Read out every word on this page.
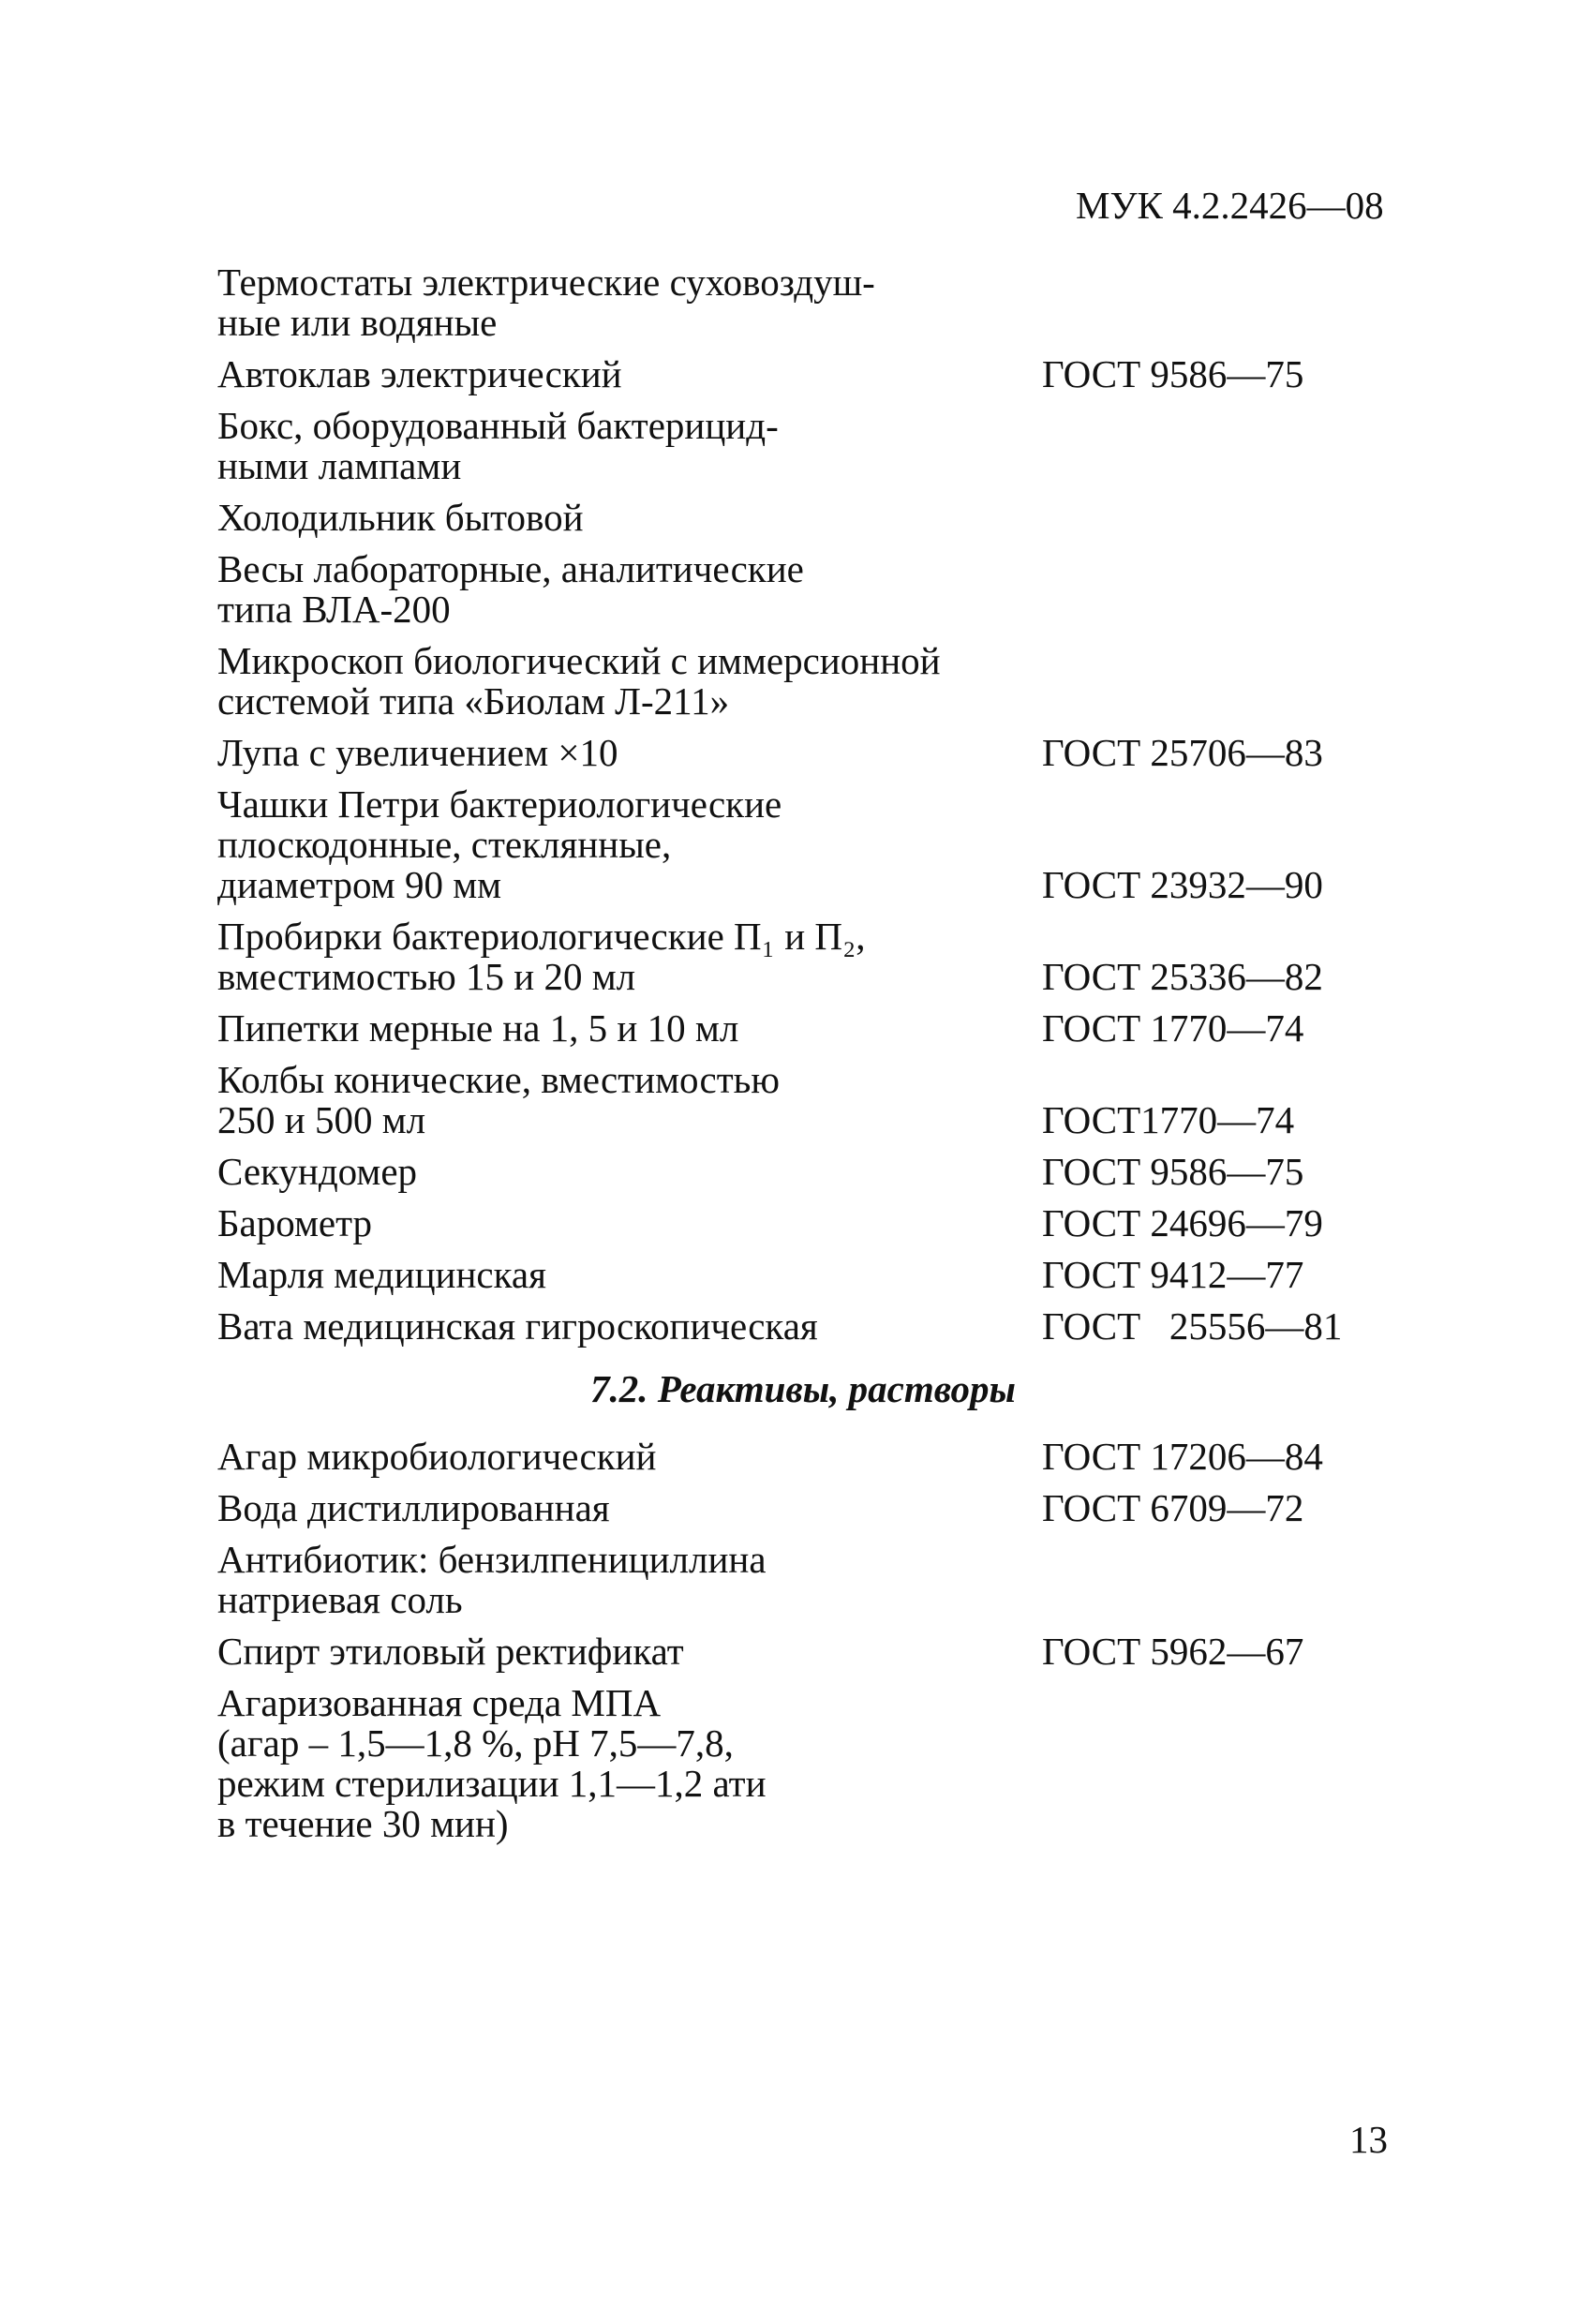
МУК 4.2.2426—08
Термостаты электрические суховоздуш-
ные или водяные
Автоклав электрический	ГОСТ 9586—75
Бокс, оборудованный бактерицид-
ными лампами
Холодильник бытовой
Весы лабораторные, аналитические
типа ВЛА-200
Микроскоп биологический с иммерсионной
системой типа «Биолам Л-211»
Лупа с увеличением ×10	ГОСТ 25706—83
Чашки Петри бактериологические
плоскодонные, стеклянные,
диаметром 90 мм	ГОСТ 23932—90
Пробирки бактериологические П₁ и П₂,
вместимостью 15 и 20 мл	ГОСТ 25336—82
Пипетки мерные на 1, 5 и 10 мл	ГОСТ 1770—74
Колбы конические, вместимостью
250 и 500 мл	ГОСТ1770—74
Секундомер	ГОСТ 9586—75
Барометр	ГОСТ 24696—79
Марля медицинская	ГОСТ 9412—77
Вата медицинская гигроскопическая	ГОСТ   25556—81
7.2. Реактивы, растворы
Агар микробиологический	ГОСТ 17206—84
Вода дистиллированная	ГОСТ 6709—72
Антибиотик: бензилпенициллина
натриевая соль
Спирт этиловый ректификат	ГОСТ 5962—67
Агаризованная среда МПА
(агар – 1,5—1,8 %, рН 7,5—7,8,
режим стерилизации 1,1—1,2 ати
в течение 30 мин)
13
